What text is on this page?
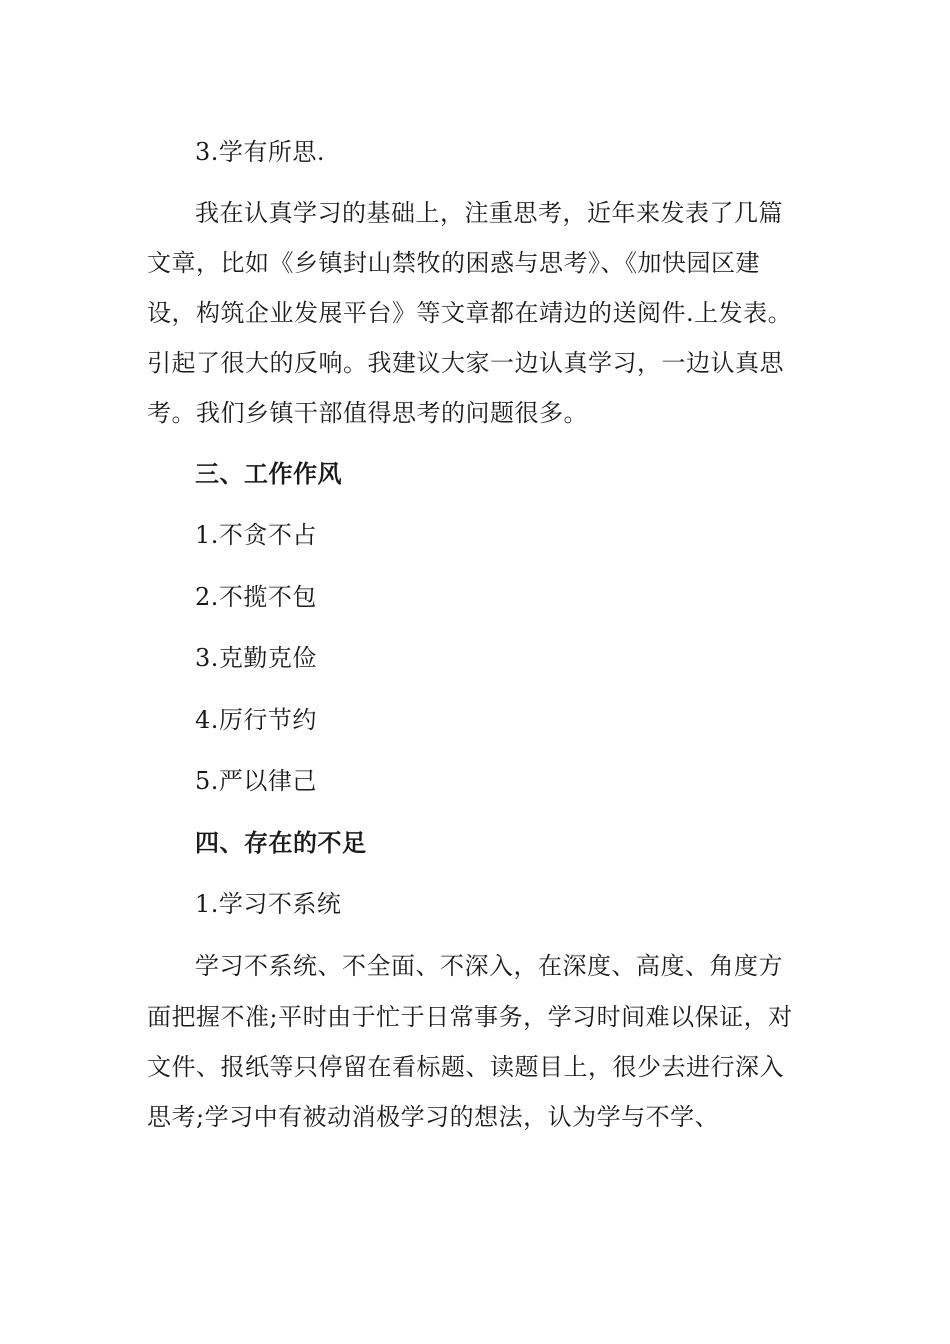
3.学有所思.
我在认真学习的基础上，注重思考，近年来发表了几篇
文章，比如《乡镇封山禁牧的困惑与思考》、《加快园区建
设，构筑企业发展平台》等文章都在靖边的送阅件.上发表。
引起了很大的反响。我建议大家一边认真学习，一边认真思
考。我们乡镇干部值得思考的问题很多。
三、工作作风
1.不贪不占
2.不揽不包
3.克勤克俭
4.厉行节约
5.严以律己
四、存在的不足
1.学习不系统
学习不系统、不全面、不深入，在深度、高度、角度方
面把握不准;平时由于忙于日常事务，学习时间难以保证，对
文件、报纸等只停留在看标题、读题目上，很少去进行深入
思考;学习中有被动消极学习的想法，认为学与不学、
